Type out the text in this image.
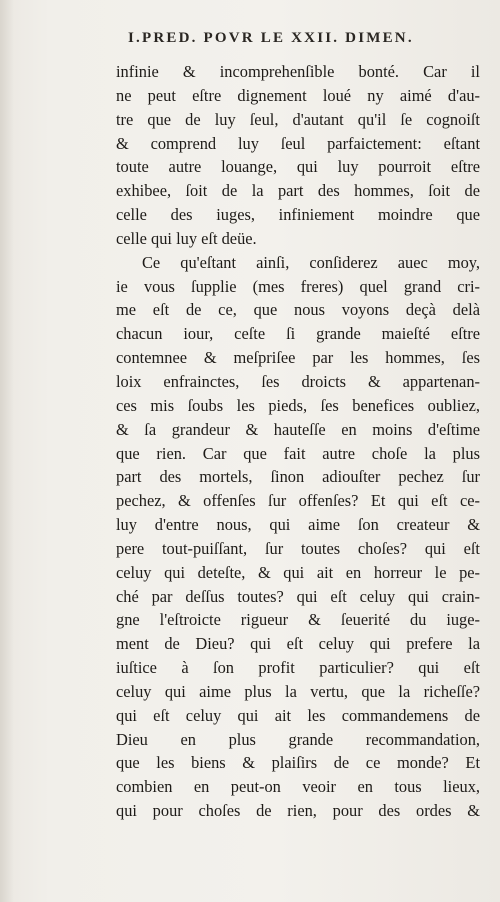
I.PRED. POVR LE XXII. DIMEN.
infinie & incomprehenſible bonté. Car il
ne peut eſtre dignement loué ny aimé d'au-
tre que de luy ſeul, d'autant qu'il ſe cognoiſt
& comprend luy ſeul parfaictement: eſtant
toute autre louange, qui luy pourroit eſtre
exhibee, ſoit de la part des hommes, ſoit de
celle des iuges, infiniement moindre que
celle qui luy eſt deüe.
Ce qu'eſtant ainſi, conſiderez auec moy,
ie vous ſupplie (mes freres) quel grand cri-
me eſt de ce, que nous voyons deçà delà
chacun iour, ceſte ſi grande maieſté eſtre
contemnee & meſpriſee par les hommes, ſes
loix enfrainctes, ſes droicts & appartenan-
ces mis ſoubs les pieds, ſes benefices oubliez,
& ſa grandeur & hauteſſe en moins d'eſtime
que rien. Car que fait autre choſe la plus
part des mortels, ſinon adiouſter pechez ſur
pechez, & offenſes ſur offenſes? Et qui eſt ce-
luy d'entre nous, qui aime ſon createur &
pere tout-puiſſant, ſur toutes choſes? qui eſt
celuy qui deteſte, & qui ait en horreur le pe-
ché par deſſus toutes? qui eſt celuy qui crain-
gne l'eſtroicte rigueur & ſeuerité du iuge-
ment de Dieu? qui eſt celuy qui prefere la
iuſtice à ſon profit particulier? qui eſt
celuy qui aime plus la vertu, que la richeſſe?
qui eſt celuy qui ait les commandemens de
Dieu en plus grande recommandation,
que les biens & plaiſirs de ce monde? Et
combien en peut-on veoir en tous lieux,
qui pour choſes de rien, pour des ordes &
